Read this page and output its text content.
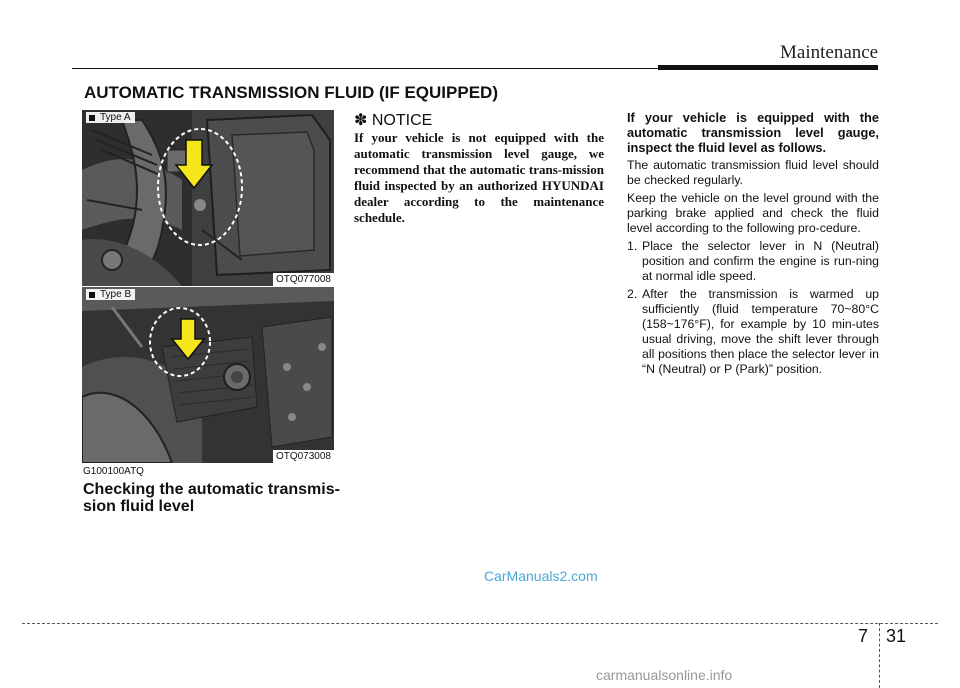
Maintenance
AUTOMATIC TRANSMISSION FLUID (IF EQUIPPED)
Type A
OTQ077008
Type B
OTQ073008
G100100ATQ
Checking the automatic transmis-
sion fluid level
✽ NOTICE
If your vehicle is not equipped with the automatic transmission level gauge, we recommend that the automatic trans-mission fluid inspected by an authorized HYUNDAI dealer according to the maintenance schedule.

If your vehicle is equipped with the automatic transmission level gauge, inspect the fluid level as follows.

The automatic transmission fluid level should be checked regularly.

Keep the vehicle on the level ground with the parking brake applied and check the fluid level according to the following pro-cedure.

1. Place the selector lever in N (Neutral) position and confirm the engine is run-ning at normal idle speed.
2. After the transmission is warmed up sufficiently (fluid temperature 70~80°C (158~176°F), for example by 10 min-utes usual driving, move the shift lever through all positions then place the selector lever in “N (Neutral) or P (Park)” position.
CarManuals2.com
7 31
carmanualsonline.info
